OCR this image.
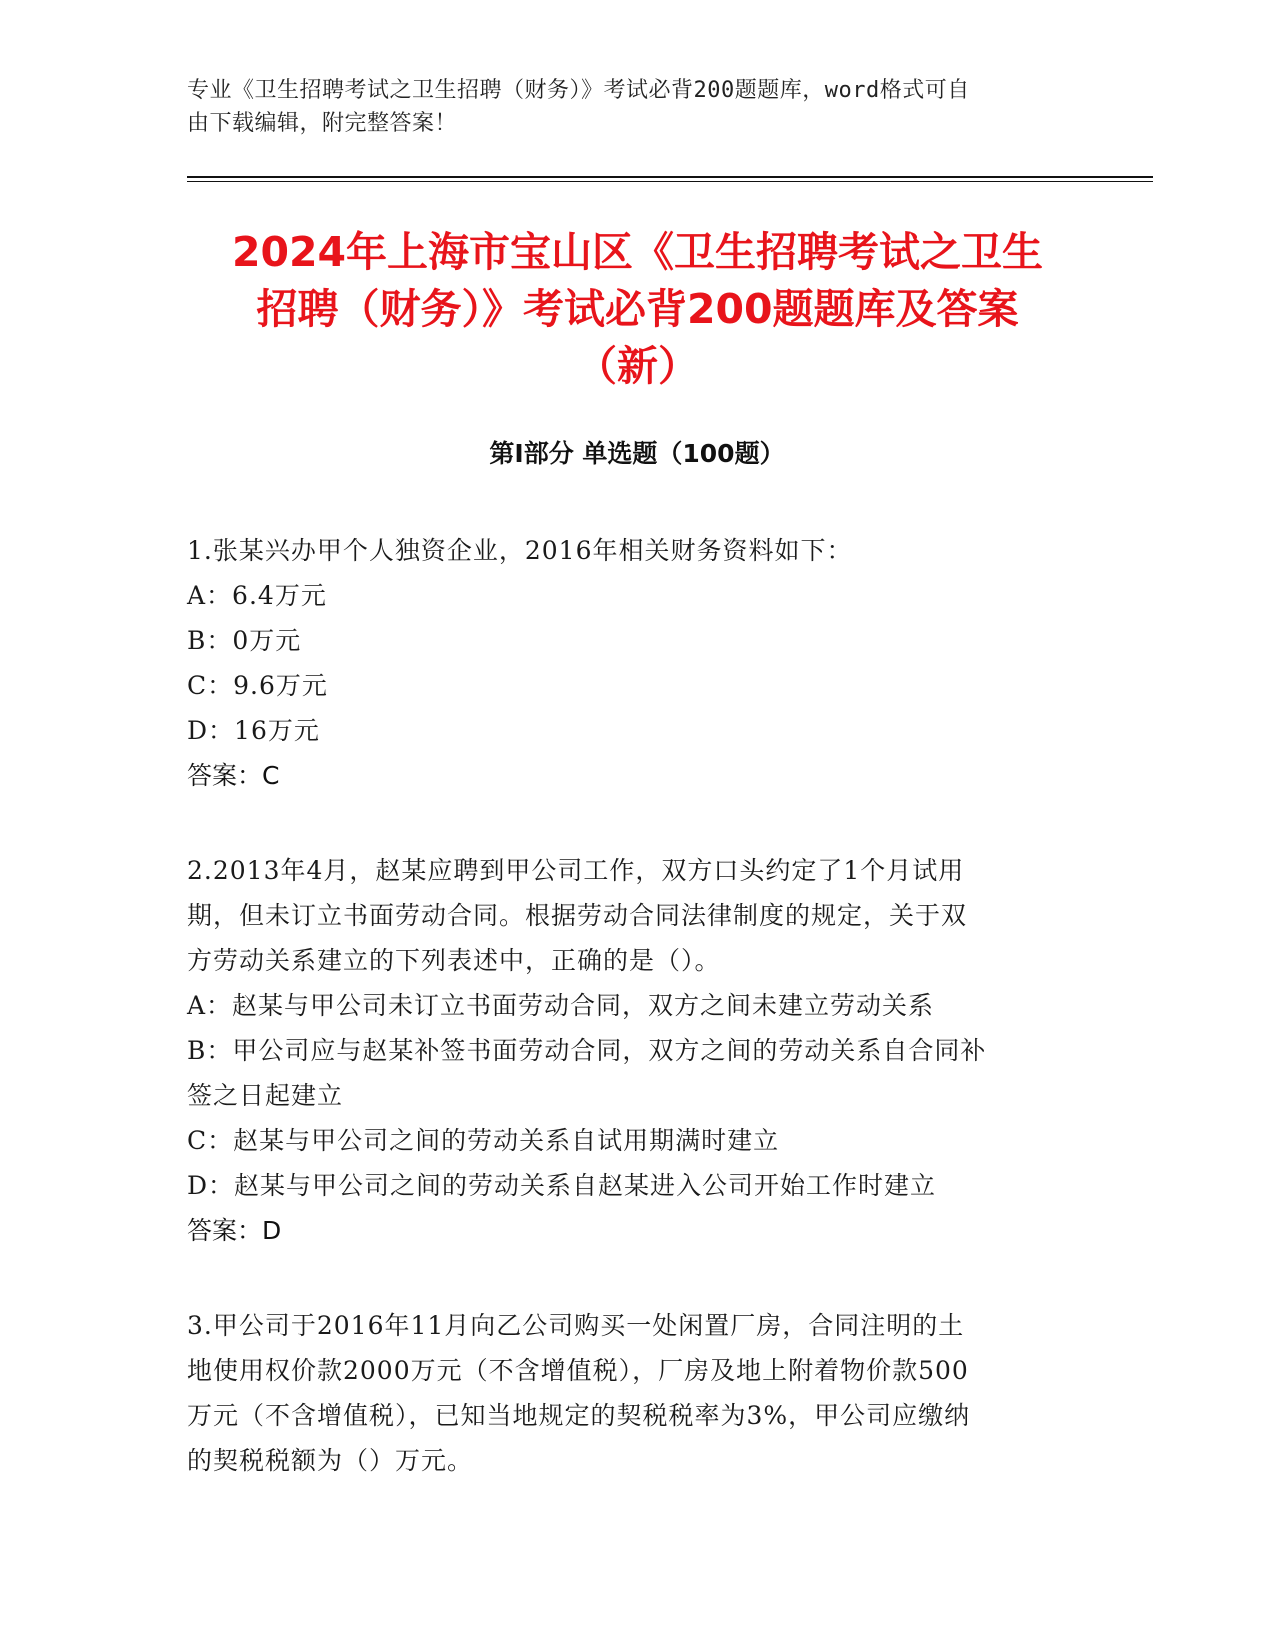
专业《卫生招聘考试之卫生招聘（财务）》考试必背200题题库，word格式可自
由下载编辑，附完整答案！
2024年上海市宝山区《卫生招聘考试之卫生
招聘（财务）》考试必背200题题库及答案
（新）
第Ⅰ部分 单选题（100题）

1.张某兴办甲个人独资企业，2016年相关财务资料如下：

A：6.4万元

B：0万元

C：9.6万元

D：16万元

答案：C

2.2013年4月，赵某应聘到甲公司工作，双方口头约定了1个月试用

期，但未订立书面劳动合同。根据劳动合同法律制度的规定，关于双

方劳动关系建立的下列表述中，正确的是（）。

A：赵某与甲公司未订立书面劳动合同，双方之间未建立劳动关系

B：甲公司应与赵某补签书面劳动合同，双方之间的劳动关系自合同补

签之日起建立

C：赵某与甲公司之间的劳动关系自试用期满时建立

D：赵某与甲公司之间的劳动关系自赵某进入公司开始工作时建立

答案：D

3.甲公司于2016年11月向乙公司购买一处闲置厂房，合同注明的土

地使用权价款2000万元（不含增值税），厂房及地上附着物价款500

万元（不含增值税），已知当地规定的契税税率为3%，甲公司应缴纳

的契税税额为（）万元。
